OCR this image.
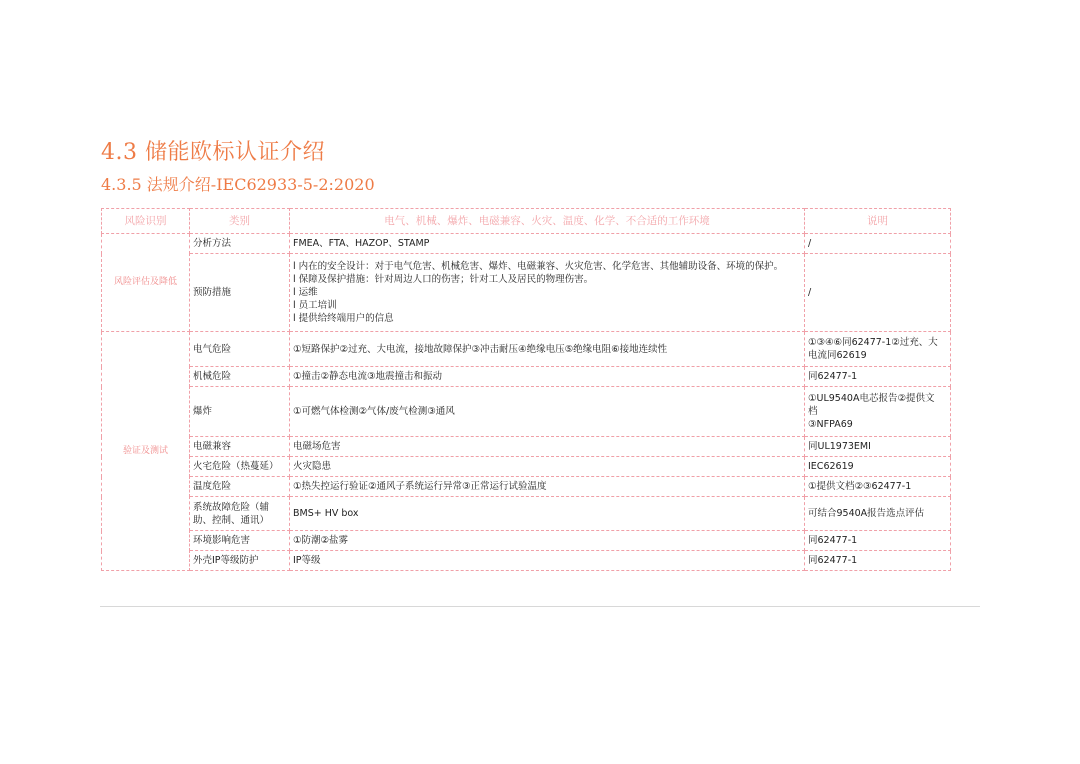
4.3 储能欧标认证介绍
4.3.5 法规介绍-IEC62933-5-2:2020
风险识别	类别	电气、机械、爆炸、电磁兼容、火灾、温度、化学、不合适的工作环境	说明
风险评估及降低	分析方法	FMEA、FTA、HAZOP、STAMP	/

	预防措施	l 内在的安全设计：对于电气危害、机械危害、爆炸、电磁兼容、火灾危害、化学危害、其他辅助设备、环境的保护。
l 保障及保护措施：针对周边人口的伤害；针对工人及居民的物理伤害。
l 运维
l 员工培训
l 提供给终端用户的信息	/

验证及测试	电气危险	①短路保护②过充、大电流，接地故障保护③冲击耐压④绝缘电压⑤绝缘电阻⑥接地连续性	①③④⑥同62477-1②过充、大
电流同62619

	机械危险	①撞击②静态电流③地震撞击和振动	同62477-1

	爆炸	①可燃气体检测②气体/废气检测③通风	①UL9540A电芯报告②提供文
档
③NFPA69

	电磁兼容	电磁场危害	同UL1973EMI

	火宅危险（热蔓延）	火灾隐患	IEC62619

	温度危险	①热失控运行验证②通风子系统运行异常③正常运行试验温度	①提供文档②③62477-1

	系统故障危险（辅助、控制、通讯）	BMS+ HV box	可结合9540A报告选点评估

	环境影响危害	①防潮②盐雾	同62477-1

	外壳IP等级防护	IP等级	同62477-1
